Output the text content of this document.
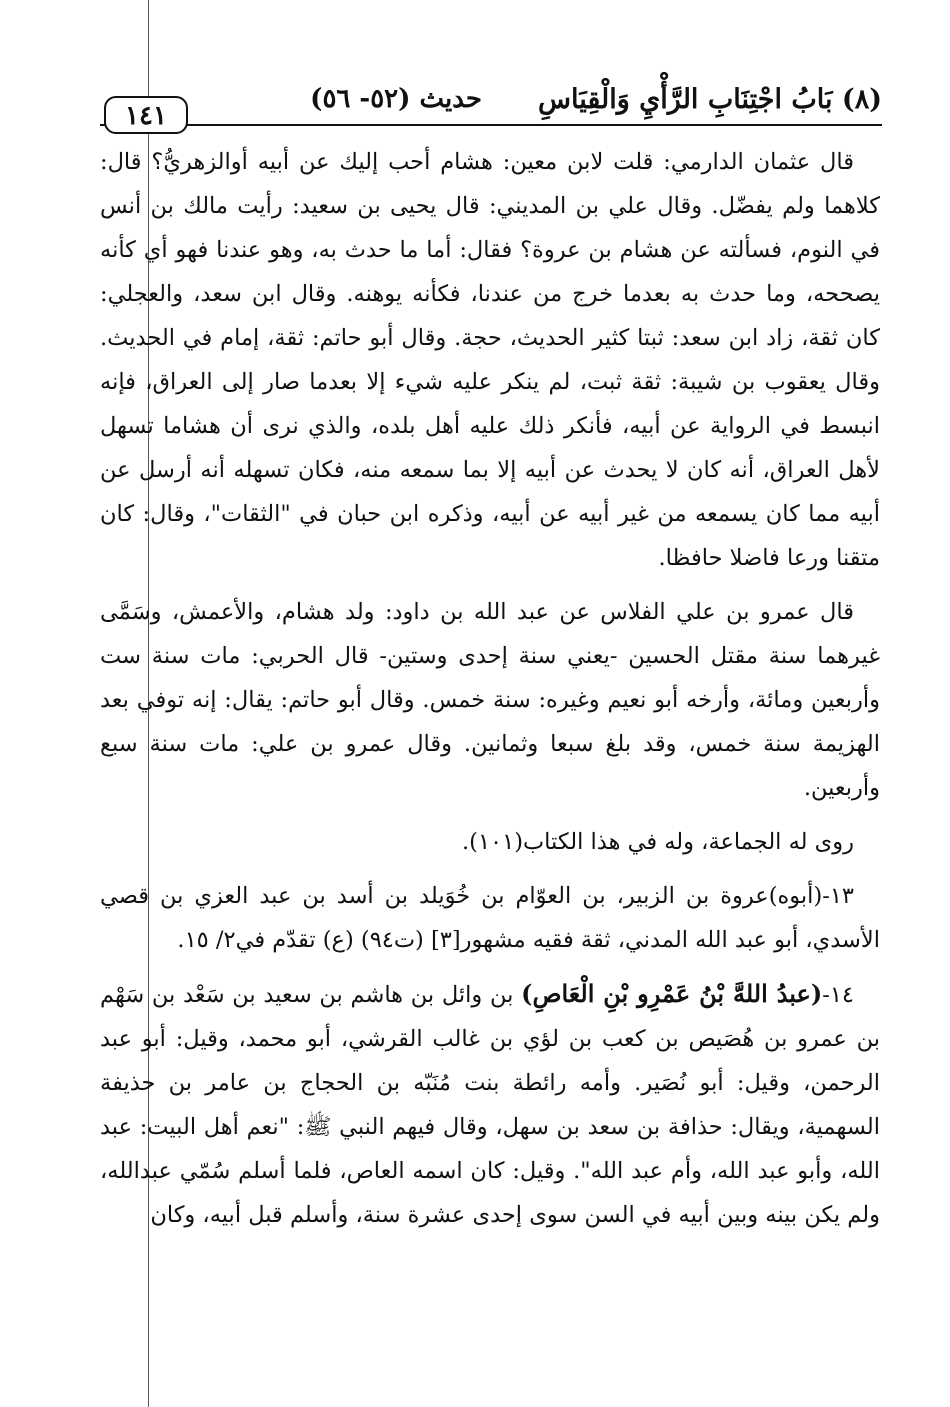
(٨) بَابُ اجْتِنَابِ الرَّأْيِ وَالْقِيَاسِ
حديث (٥٢- ٥٦)
١٤١

قال عثمان الدارمي: قلت لابن معين: هشام أحب إليك عن أبيه أوالزهريُّ؟ قال: كلاهما ولم يفضّل. وقال علي بن المديني: قال يحيى بن سعيد: رأيت مالك بن أنس في النوم، فسألته عن هشام بن عروة؟ فقال: أما ما حدث به، وهو عندنا فهو أي كأنه يصححه، وما حدث به بعدما خرج من عندنا، فكأنه يوهنه. وقال ابن سعد، والعجلي: كان ثقة، زاد ابن سعد: ثبتا كثير الحديث، حجة. وقال أبو حاتم: ثقة، إمام في الحديث. وقال يعقوب بن شيبة: ثقة ثبت، لم ينكر عليه شيء إلا بعدما صار إلى العراق، فإنه انبسط في الرواية عن أبيه، فأنكر ذلك عليه أهل بلده، والذي نرى أن هشاما تسهل لأهل العراق، أنه كان لا يحدث عن أبيه إلا بما سمعه منه، فكان تسهله أنه أرسل عن أبيه مما كان يسمعه من غير أبيه عن أبيه، وذكره ابن حبان في "الثقات"، وقال: كان متقنا ورعا فاضلا حافظا.

قال عمرو بن علي الفلاس عن عبد الله بن داود: ولد هشام، والأعمش، وسَمَّى غيرهما سنة مقتل الحسين -يعني سنة إحدى وستين- قال الحربي: مات سنة ست وأربعين ومائة، وأرخه أبو نعيم وغيره: سنة خمس. وقال أبو حاتم: يقال: إنه توفي بعد الهزيمة سنة خمس، وقد بلغ سبعا وثمانين. وقال عمرو بن علي: مات سنة سبع وأربعين.

روى له الجماعة، وله في هذا الكتاب(١٠١).

١٣-(أبوه)عروة بن الزبير، بن العوّام بن خُوَيلد بن أسد بن عبد العزي بن قصي الأسدي، أبو عبد الله المدني، ثقة فقيه مشهور[٣] (ت٩٤) (ع) تقدّم في٢/ ١٥.

١٤-(عبدُ اللهَّ بْنُ عَمْرِو بْنِ الْعَاصِ) بن وائل بن هاشم بن سعيد بن سَعْد بن سَهْم بن عمرو بن هُصَيص بن كعب بن لؤي بن غالب القرشي، أبو محمد، وقيل: أبو عبد الرحمن، وقيل: أبو نُصَير. وأمه رائطة بنت مُنَبّه بن الحجاج بن عامر بن حذيفة السهمية، ويقال: حذافة بن سعد بن سهل، وقال فيهم النبي ﷺ: "نعم أهل البيت: عبد الله، وأبو عبد الله، وأم عبد الله". وقيل: كان اسمه العاص، فلما أسلم سُمّي عبدالله، ولم يكن بينه وبين أبيه في السن سوى إحدى عشرة سنة، وأسلم قبل أبيه، وكان
